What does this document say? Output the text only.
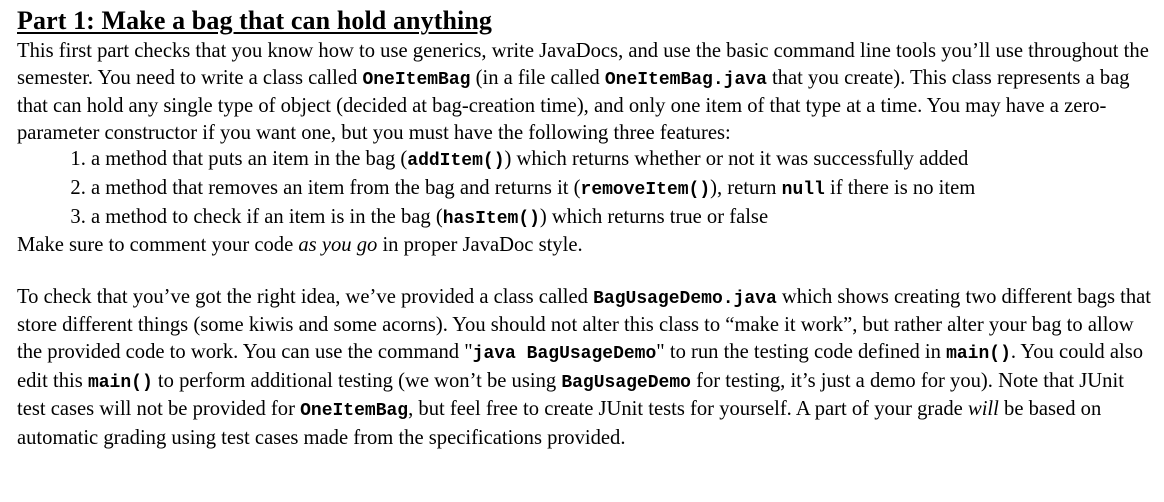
Part 1: Make a bag that can hold anything

This first part checks that you know how to use generics, write JavaDocs, and use the basic command line tools you’ll use throughout the semester. You need to write a class called OneItemBag (in a file called OneItemBag.java that you create). This class represents a bag that can hold any single type of object (decided at bag-creation time), and only one item of that type at a time. You may have a zero-parameter constructor if you want one, but you must have the following three features:

1. a method that puts an item in the bag (addItem()) which returns whether or not it was successfully added
2. a method that removes an item from the bag and returns it (removeItem()), return null if there is no item
3. a method to check if an item is in the bag (hasItem()) which returns true or false

Make sure to comment your code as you go in proper JavaDoc style.

To check that you’ve got the right idea, we’ve provided a class called BagUsageDemo.java which shows creating two different bags that store different things (some kiwis and some acorns). You should not alter this class to “make it work”, but rather alter your bag to allow the provided code to work. You can use the command "java BagUsageDemo" to run the testing code defined in main(). You could also edit this main() to perform additional testing (we won’t be using BagUsageDemo for testing, it’s just a demo for you). Note that JUnit test cases will not be provided for OneItemBag, but feel free to create JUnit tests for yourself. A part of your grade will be based on automatic grading using test cases made from the specifications provided.
